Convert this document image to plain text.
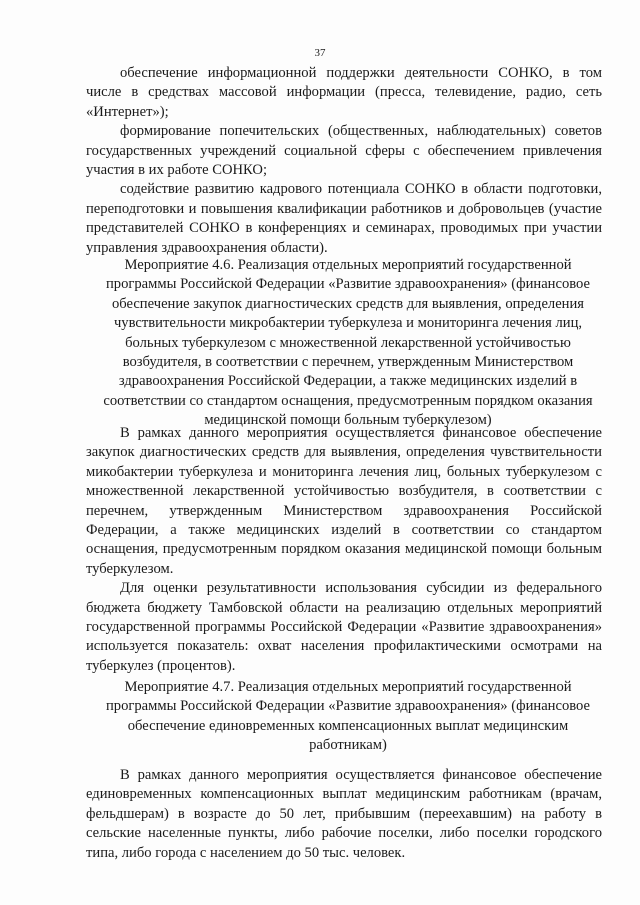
37

обеспечение информационной поддержки деятельности СОНКО, в том числе в средствах массовой информации (пресса, телевидение, радио, сеть «Интернет»);

формирование попечительских (общественных, наблюдательных) советов государственных учреждений социальной сферы с обеспечением привлечения участия в их работе СОНКО;

содействие развитию кадрового потенциала СОНКО в области подготовки, переподготовки и повышения квалификации работников и добровольцев (участие представителей СОНКО в конференциях и семинарах, проводимых при участии управления здравоохранения области).

Мероприятие 4.6. Реализация отдельных мероприятий государственной программы Российской Федерации «Развитие здравоохранения» (финансовое обеспечение закупок диагностических средств для выявления, определения чувствительности микробактерии туберкулеза и мониторинга лечения лиц, больных туберкулезом с множественной лекарственной устойчивостью возбудителя, в соответствии с перечнем, утвержденным Министерством здравоохранения Российской Федерации, а также медицинских изделий в соответствии со стандартом оснащения, предусмотренным порядком оказания медицинской помощи больным туберкулезом)

В рамках данного мероприятия осуществляется финансовое обеспечение закупок диагностических средств для выявления, определения чувствительности микобактерии туберкулеза и мониторинга лечения лиц, больных туберкулезом с множественной лекарственной устойчивостью возбудителя, в соответствии с перечнем, утвержденным Министерством здравоохранения Российской Федерации, а также медицинских изделий в соответствии со стандартом оснащения, предусмотренным порядком оказания медицинской помощи больным туберкулезом.

Для оценки результативности использования субсидии из федерального бюджета бюджету Тамбовской области на реализацию отдельных мероприятий государственной программы Российской Федерации «Развитие здравоохранения» используется показатель: охват населения профилактическими осмотрами на туберкулез (процентов).

Мероприятие 4.7. Реализация отдельных мероприятий государственной программы Российской Федерации «Развитие здравоохранения» (финансовое обеспечение единовременных компенсационных выплат медицинским работникам)

В рамках данного мероприятия осуществляется финансовое обеспечение единовременных компенсационных выплат медицинским работникам (врачам, фельдшерам) в возрасте до 50 лет, прибывшим (переехавшим) на работу в сельские населенные пункты, либо рабочие поселки, либо поселки городского типа, либо города с населением до 50 тыс. человек.
